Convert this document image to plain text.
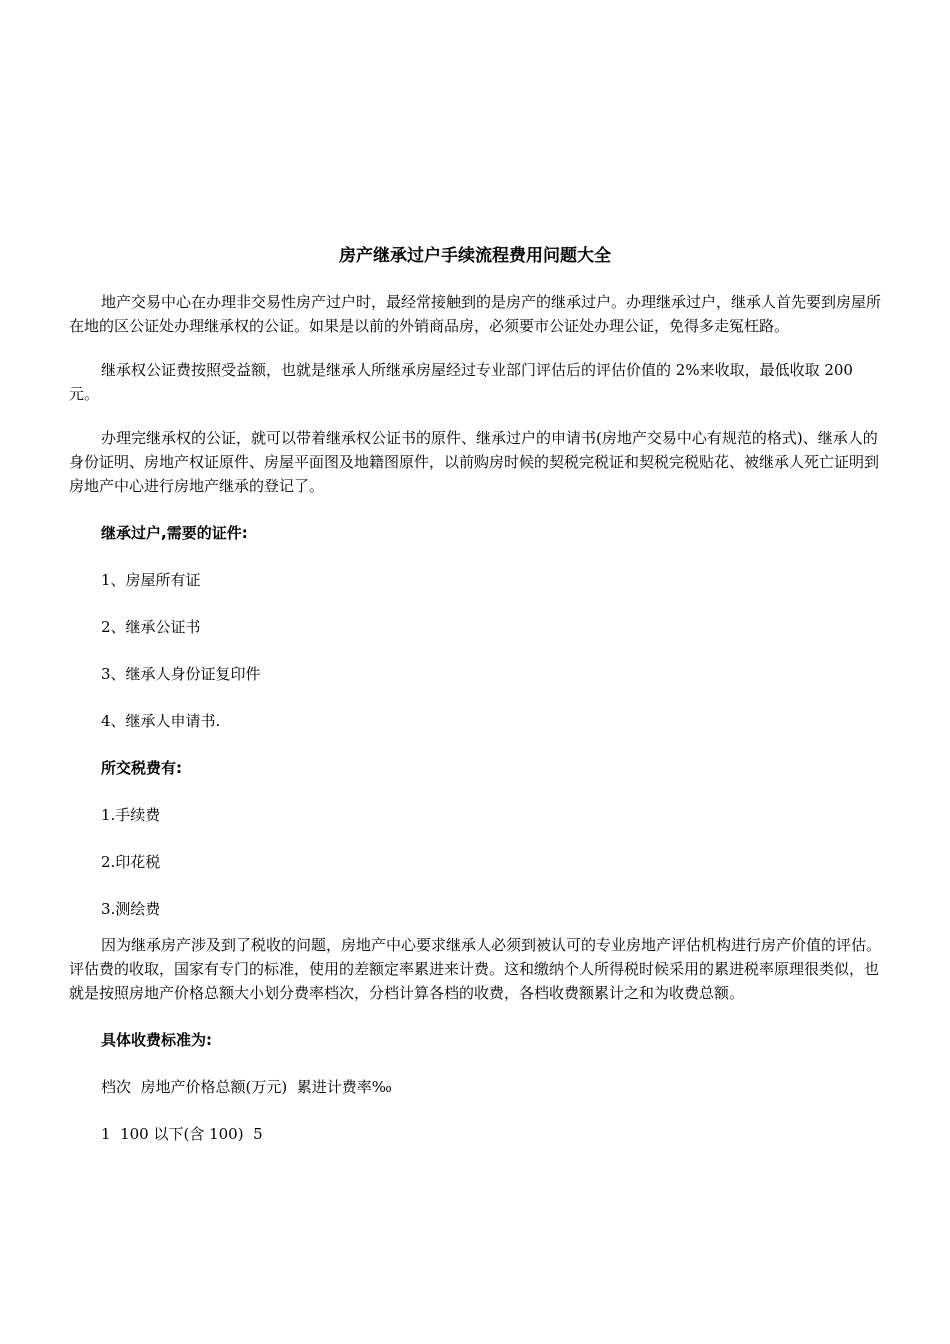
房产继承过户手续流程费用问题大全

地产交易中心在办理非交易性房产过户时，最经常接触到的是房产的继承过户。办理继承过户，继承人首先要到房屋所在地的区公证处办理继承权的公证。如果是以前的外销商品房，必须要市公证处办理公证，免得多走冤枉路。

继承权公证费按照受益额，也就是继承人所继承房屋经过专业部门评估后的评估价值的 2%来收取，最低收取 200 元。

办理完继承权的公证，就可以带着继承权公证书的原件、继承过户的申请书(房地产交易中心有规范的格式)、继承人的身份证明、房地产权证原件、房屋平面图及地籍图原件，以前购房时候的契税完税证和契税完税贴花、被继承人死亡证明到房地产中心进行房地产继承的登记了。

继承过户,需要的证件:
1、房屋所有证
2、继承公证书
3、继承人身份证复印件
4、继承人申请书.
所交税费有:
1.手续费
2.印花税
3.测绘费

因为继承房产涉及到了税收的问题，房地产中心要求继承人必须到被认可的专业房地产评估机构进行房产价值的评估。评估费的收取，国家有专门的标准，使用的差额定率累进来计费。这和缴纳个人所得税时候采用的累进税率原理很类似，也就是按照房地产价格总额大小划分费率档次，分档计算各档的收费，各档收费额累计之和为收费总额。

具体收费标准为:
档次  房地产价格总额(万元)  累进计费率‰
1  100 以下(含 100)  5
